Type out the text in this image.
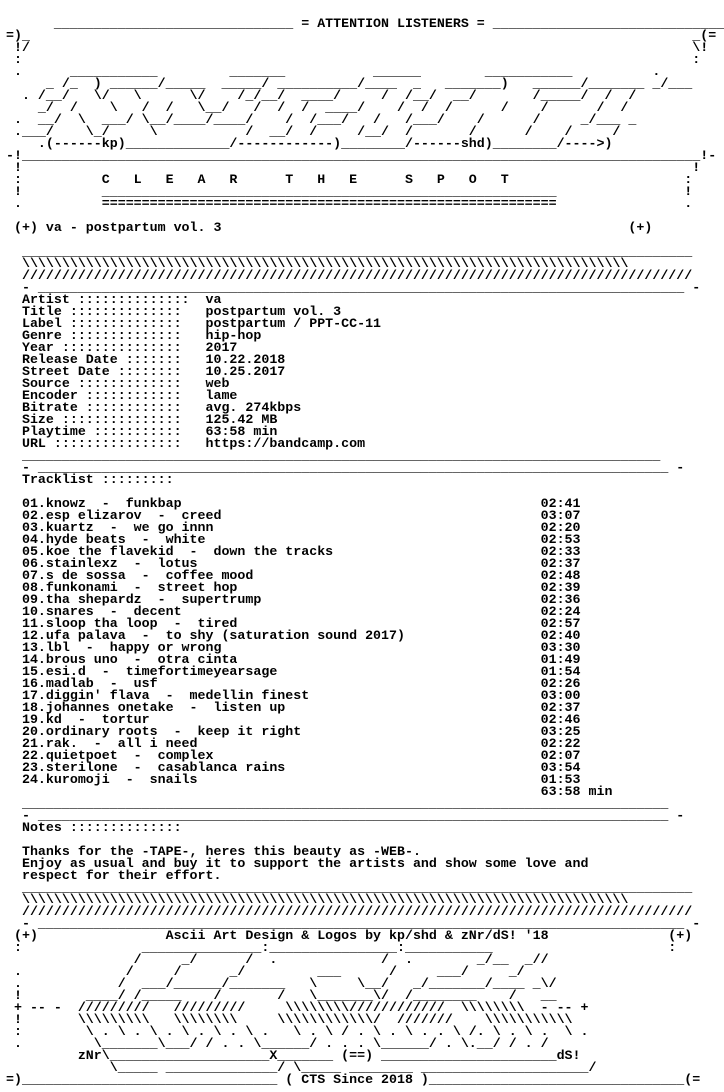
______________________________ = ATTENTION LISTENERS = _____________________________
=)_                                                                                   _(=
!/                                                                                   \!
:                                                                                    :
.      ___________         _______           ______        ___________          .
_ /_  ) ______/_____  _____/ __________/____  _   _______)   ______/_______ _/___
. /__/   \/   \      \/    /_/__/  ____/     /  /__/  __/       /_____/  /  /
_/  /    \   /  /   \__/   /  /  /  ____/    /  /  /      /    /      /  /
.  __/  \  ___/ \__/____/____/    /  /___/   /   /___/    /      /     _/___ _
.___/    \_/     \           /  __/  /     /__/  /       /      /    /     /
.(------kp)_____________/------------)________/------shd)________/---->)
-!_____________________________________________________________________________________!-
!                                                                                    !
:          C   L   E   A   R      T   H   E      S   P   O   T                      :
!          _________________________________________________________                !
.          =========================================================                .

(+) va - postpartum vol. 3                                                   (+)

____________________________________________________________________________________
\\\\\\\\\\\\\\\\\\\\\\\\\\\\\\\\\\\\\\\\\\\\\\\\\\\\\\\\\\\\\\\\\\\\\\\\\\\\
////////////////////////////////////////////////////////////////////////////////////
- _________________________________________________________________________________ -
Artist ::::::::::::::  va
Title ::::::::::::::   postpartum vol. 3
Label ::::::::::::::   postpartum / PPT-CC-11
Genre ::::::::::::::   hip-hop
Year :::::::::::::::   2017
Release Date :::::::   10.22.2018
Street Date ::::::::   10.25.2017
Source :::::::::::::   web
Encoder ::::::::::::   lame
Bitrate ::::::::::::   avg. 274kbps
Size :::::::::::::::   125.42 MB
Playtime :::::::::::   63:58 min
URL ::::::::::::::::   https://bandcamp.com
________________________________________________________________________________
- _______________________________________________________________________________ -
Tracklist :::::::::

01.knowz  -  funkbap                                             02:41
02.esp elizarov  -  creed                                        03:07
03.kuartz  -  we go innn                                         02:20
04.hyde beats  -  white                                          02:53
05.koe the flavekid  -  down the tracks                          02:33
06.stainlexz  -  lotus                                           02:37
07.s de sossa  -  coffee mood                                    02:48
08.funkonami  -  street hop                                      02:39
09.tha shepardz  -  supertrump                                   02:36
10.snares  -  decent                                             02:24
11.sloop tha loop  -  tired                                      02:57
12.ufa palava  -  to shy (saturation sound 2017)                 02:40
13.lbl  -  happy or wrong                                        03:30
14.brous uno  -  otra cinta                                      01:49
15.esi.d  -  timefortimeyearsage                                 01:54
16.madlab  -  usf                                                02:26
17.diggin' flava  -  medellin finest                             03:00
18.johannes onetake  -  listen up                                02:37
19.kd  -  tortur                                                 02:46
20.ordinary roots  -  keep it right                              03:25
21.rak.  -  all i need                                           02:22
22.quietpoet  -  complex                                         02:07
23.sterilone  -  casablanca rains                                03:54
24.kuromoji  -  snails                                           01:53
63:58 min
_________________________________________________________________________________
- _______________________________________________________________________________ -
Notes ::::::::::::::

Thanks for the -TAPE-, heres this beauty as -WEB-.
Enjoy as usual and buy it to support the artists and show some love and
respect for their effort.
____________________________________________________________________________________
\\\\\\\\\\\\\\\\\\\\\\\\\\\\\\\\\\\\\\\\\\\\\\\\\\\\\\\\\\\\\\\\\\\\\\\\\\\\
////////////////////////////////////////////////////////////////////////////////////
- _________________________________________________________________________________ -
(+)                Ascii Art Design & Logos by kp/shd & zNr/dS! '18               (+)
:               _______________:________________:___________                      :
/     _/      /  .             /  .        _/__  _//
.             /     /      _/         ___      /     ___/     _/
.            /  ___/______/_______   \     \__/   _/_______/____ _\/
!        ____/ /_____    /       /   \_______\/  /________    /   __
+ -- -  /////////   /////////     \\\\\\\\////////////  \\\\\\\\  - -- +
!       \\\\\\\\\   \\\\\\\\     \\\\\\\\\\\\/  ///////    \\\\\\\\\\\
:        \ . \ . \ . \ . \ . \ .   \ . \ / . \ . \ . . \ /. \ . \ .  \ .
.         \_______\___/ / . . \______/ . . . \______/ . \.__/ / . /
zNr\____________________X_______ (==) ______________________dS!
\_____ ______________/ \_____ ________ _____________________/
=)________________________________ ( CTS Since 2018 )________________________________(=
